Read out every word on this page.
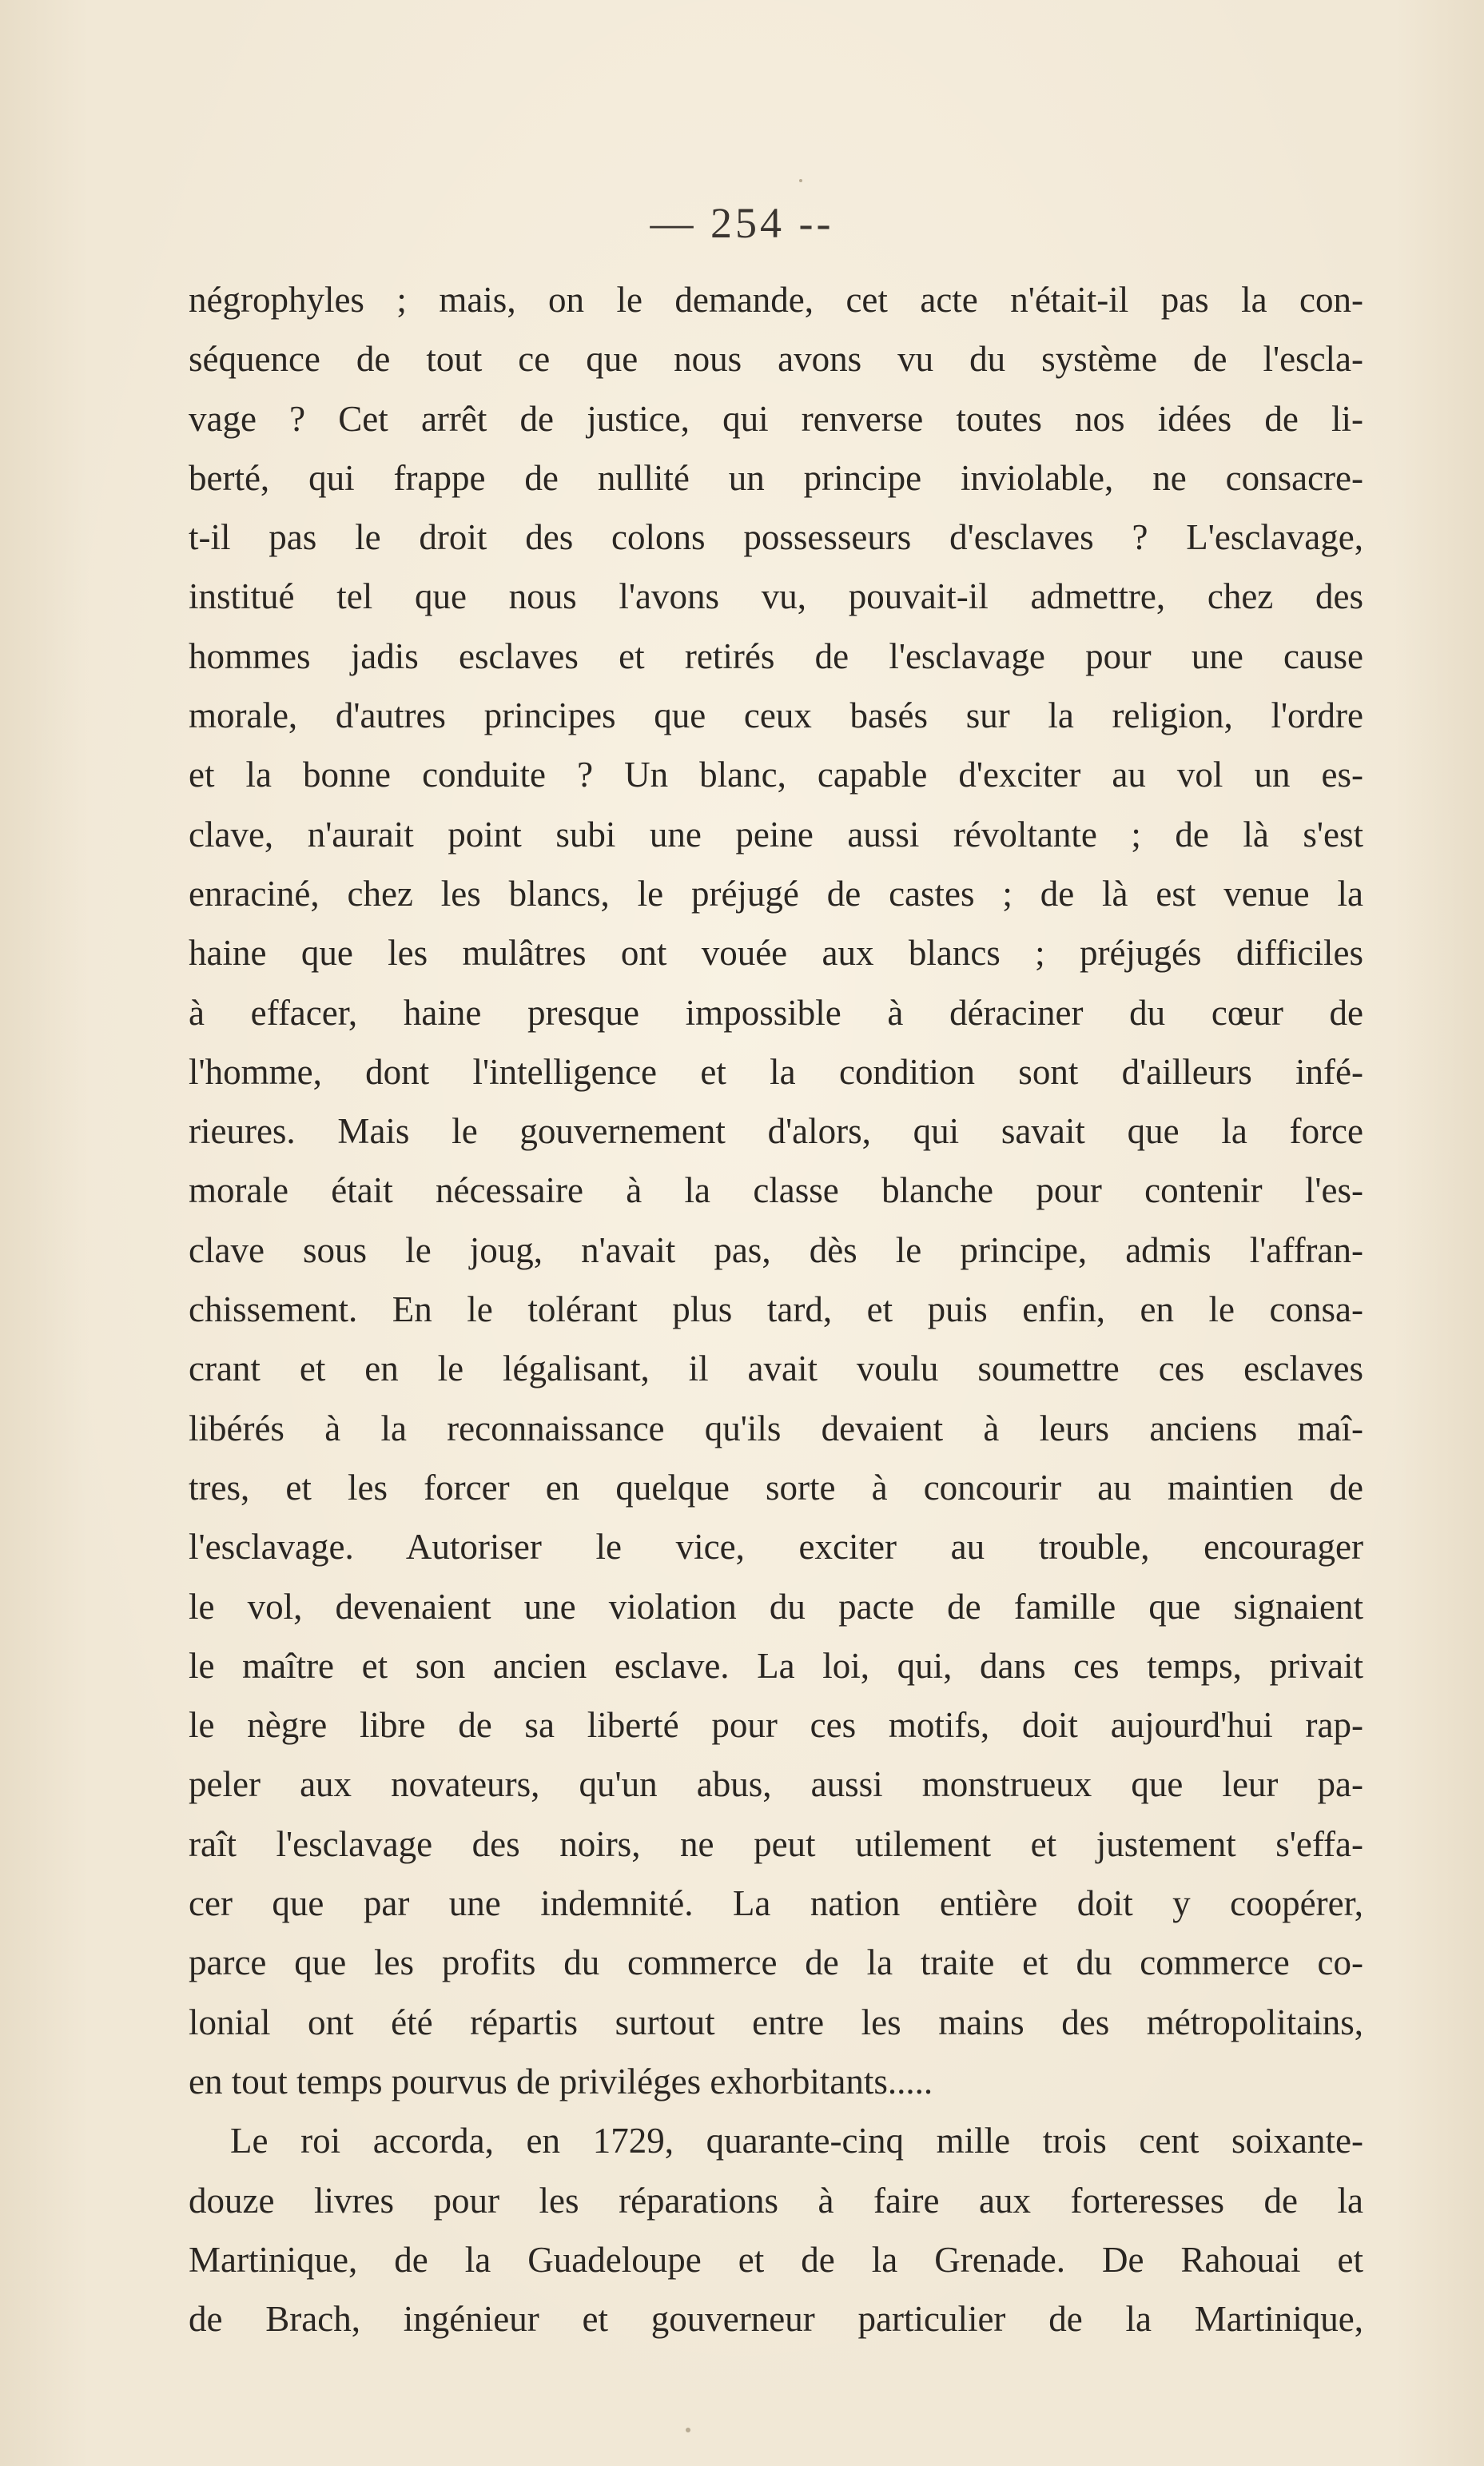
— 254 --
négrophyles ; mais, on le demande, cet acte n'était-il pas la con-
séquence de tout ce que nous avons vu du système de l'escla-
vage ? Cet arrêt de justice, qui renverse toutes nos idées de li-
berté, qui frappe de nullité un principe inviolable, ne consacre-
t-il pas le droit des colons possesseurs d'esclaves ? L'esclavage,
institué tel que nous l'avons vu, pouvait-il admettre, chez des
hommes jadis esclaves et retirés de l'esclavage pour une cause
morale, d'autres principes que ceux basés sur la religion, l'ordre
et la bonne conduite ? Un blanc, capable d'exciter au vol un es-
clave, n'aurait point subi une peine aussi révoltante ; de là s'est
enraciné, chez les blancs, le préjugé de castes ; de là est venue la
haine que les mulâtres ont vouée aux blancs ; préjugés difficiles
à effacer, haine presque impossible à déraciner du cœur de
l'homme, dont l'intelligence et la condition sont d'ailleurs infé-
rieures. Mais le gouvernement d'alors, qui savait que la force
morale était nécessaire à la classe blanche pour contenir l'es-
clave sous le joug, n'avait pas, dès le principe, admis l'affran-
chissement. En le tolérant plus tard, et puis enfin, en le consa-
crant et en le légalisant, il avait voulu soumettre ces esclaves
libérés à la reconnaissance qu'ils devaient à leurs anciens maî-
tres, et les forcer en quelque sorte à concourir au maintien de
l'esclavage. Autoriser le vice, exciter au trouble, encourager
le vol, devenaient une violation du pacte de famille que signaient
le maître et son ancien esclave. La loi, qui, dans ces temps, privait
le nègre libre de sa liberté pour ces motifs, doit aujourd'hui rap-
peler aux novateurs, qu'un abus, aussi monstrueux que leur pa-
raît l'esclavage des noirs, ne peut utilement et justement s'effa-
cer que par une indemnité. La nation entière doit y coopérer,
parce que les profits du commerce de la traite et du commerce co-
lonial ont été répartis surtout entre les mains des métropolitains,
en tout temps pourvus de priviléges exhorbitants.....
Le roi accorda, en 1729, quarante-cinq mille trois cent soixante-
douze livres pour les réparations à faire aux forteresses de la
Martinique, de la Guadeloupe et de la Grenade. De Rahouai et
de Brach, ingénieur et gouverneur particulier de la Martinique,
